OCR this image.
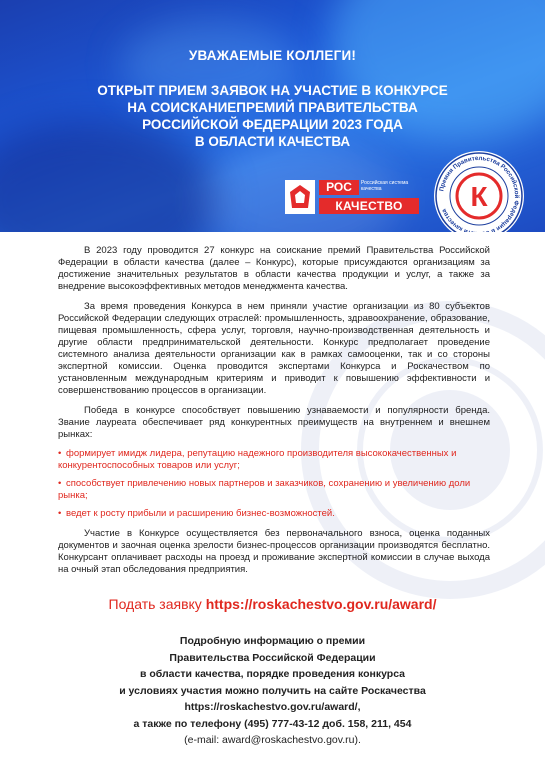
УВАЖАЕМЫЕ КОЛЛЕГИ!
ОТКРЫТ ПРИЕМ ЗАЯВОК НА УЧАСТИЕ В КОНКУРСЕ
НА СОИСКАНИЕПРЕМИЙ ПРАВИТЕЛЬСТВА
РОССИЙСКОЙ ФЕДЕРАЦИИ 2023 ГОДА
В ОБЛАСТИ КАЧЕСТВА
РОС	Российская система качества
КАЧЕСТВО
Премии Правительства Российской Федерации в области качества К

В 2023 году проводится 27 конкурс на соискание премий Правительства Российской Федерации в области качества (далее – Конкурс), которые присуждаются организациям за достижение значительных результатов в области качества продукции и услуг, а также за внедрение высокоэффективных методов менеджмента качества.

За время проведения Конкурса в нем приняли участие организации из 80 субъектов Российской Федерации следующих отраслей: промышленность, здравоохранение, образование, пищевая промышленность, сфера услуг, торговля, научно-производственная деятельность и другие области предпринимательской деятельности. Конкурс предполагает проведение системного анализа деятельности организации как в рамках самооценки, так и со стороны экспертной комиссии. Оценка проводится экспертами Конкурса и Роскачеством по установленным международным критериям и приводит к повышению эффективности и совершенствованию процессов в организации.

Победа в конкурсе способствует повышению узнаваемости и популярности бренда. Звание лауреата обеспечивает ряд конкурентных преимуществ на внутреннем и внешнем рынках:

• формирует имидж лидера, репутацию надежного производителя высококачественных и конкурентоспособных товаров или услуг;
• способствует привлечению новых партнеров и заказчиков, сохранению и увеличению доли рынка;
• ведет к росту прибыли и расширению бизнес-возможностей.

Участие в Конкурсе осуществляется без первоначального взноса, оценка поданных документов и заочная оценка зрелости бизнес-процессов организации производятся бесплатно. Конкурсант оплачивает расходы на проезд и проживание экспертной комиссии в случае выхода на очный этап обследования предприятия.

Подать заявку https://roskachestvo.gov.ru/award/
Подробную информацию о премии
Правительства Российской Федерации
в области качества, порядке проведения конкурса
и условиях участия можно получить на сайте Роскачества
https://roskachestvo.gov.ru/award/,
а также по телефону (495) 777-43-12 доб. 158, 211, 454
(e-mail: award@roskachestvo.gov.ru).
